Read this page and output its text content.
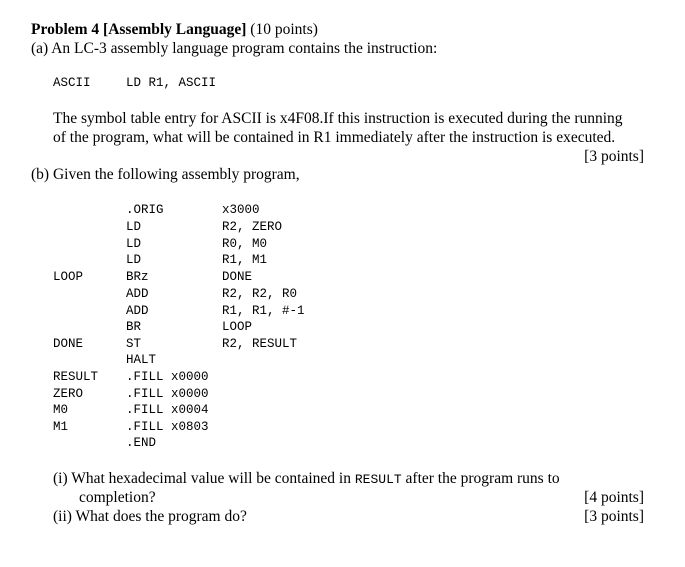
Problem 4 [Assembly Language] (10 points)
(a) An LC-3 assembly language program contains the instruction:
ASCII	LD R1, ASCII
The symbol table entry for ASCII is x4F08.If this instruction is executed during the running
of the program, what will be contained in R1 immediately after the instruction is executed.
[3 points]
(b) Given the following assembly program,
.ORIG	x3000
LD	R2, ZERO
LD	R0, M0
LD	R1, M1
LOOP	BRz	DONE
ADD	R2, R2, R0
ADD	R1, R1, #-1
BR	LOOP
DONE	ST	R2, RESULT
HALT
RESULT .FILL x0000
ZERO	.FILL x0000
M0	.FILL x0004
M1	.FILL x0803
.END
(i) What hexadecimal value will be contained in RESULT after the program runs to
completion?	[4 points]
(ii) What does the program do?	[3 points]
